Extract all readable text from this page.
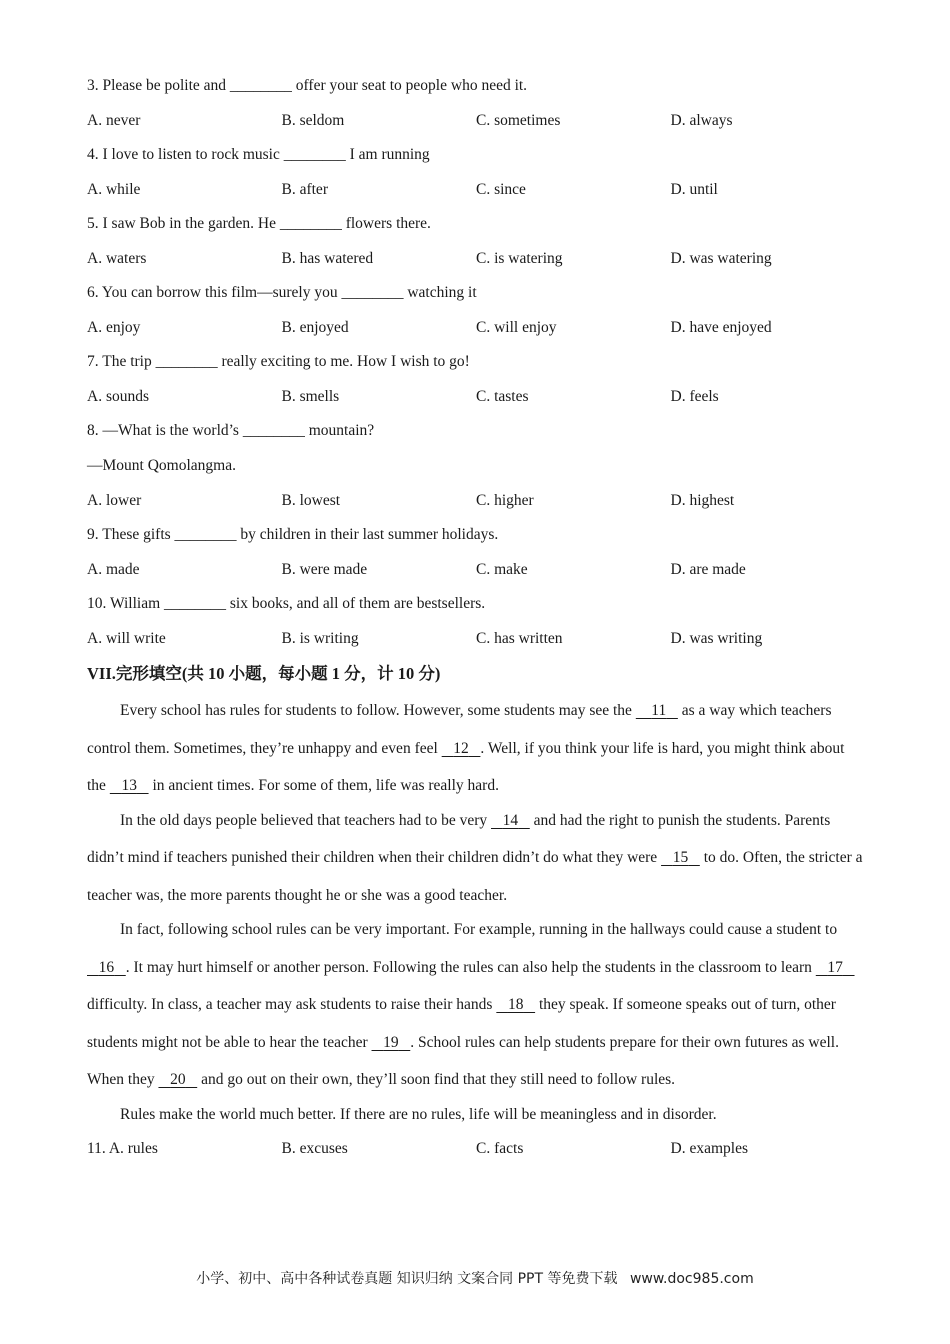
3. Please be polite and ________ offer your seat to people who need it.
A. never	B. seldom	C. sometimes	D. always
4. I love to listen to rock music ________ I am running
A. while	B. after	C. since	D. until
5. I saw Bob in the garden. He ________ flowers there.
A. waters	B. has watered	C. is watering	D. was watering
6. You can borrow this film—surely you ________ watching it
A. enjoy	B. enjoyed	C. will enjoy	D. have enjoyed
7. The trip ________ really exciting to me. How I wish to go!
A. sounds	B. smells	C. tastes	D. feels
8. —What is the world’s ________ mountain?
—Mount Qomolangma.
A. lower	B. lowest	C. higher	D. highest
9. These gifts ________ by children in their last summer holidays.
A. made	B. were made	C. make	D. are made
10. William ________ six books, and all of them are bestsellers.
A. will write	B. is writing	C. has written	D. was writing
VII.完形填空(共 10 小题，每小题 1 分，计 10 分)
Every school has rules for students to follow. However, some students may see the     11    as a way which teachers control them. Sometimes, they’re unhappy and even feel    12 . Well, if you think your life is hard, you might think about the    13    in ancient times. For some of them, life was really hard.
In the old days people believed that teachers had to be very    14    and had the right to punish the students. Parents didn’t mind if teachers punished their children when their children didn’t do what they were    15    to do. Often, the stricter a teacher was, the more parents thought he or she was a good teacher.
In fact, following school rules can be very important. For example, running in the hallways could cause a student to    16 . It may hurt himself or another person. Following the rules can also help the students in the classroom to learn    17    difficulty. In class, a teacher may ask students to raise their hands    18    they speak. If someone speaks out of turn, other students might not be able to hear the teacher    19 . School rules can help students prepare for their own futures as well. When they    20    and go out on their own, they’ll soon find that they still need to follow rules.
Rules make the world much better. If there are no rules, life will be meaningless and in disorder.
11. A. rules	B. excuses	C. facts	D. examples
小学、初中、高中各种试卷真题 知识归纳 文案合同 PPT 等免费下载 www.doc985.com
